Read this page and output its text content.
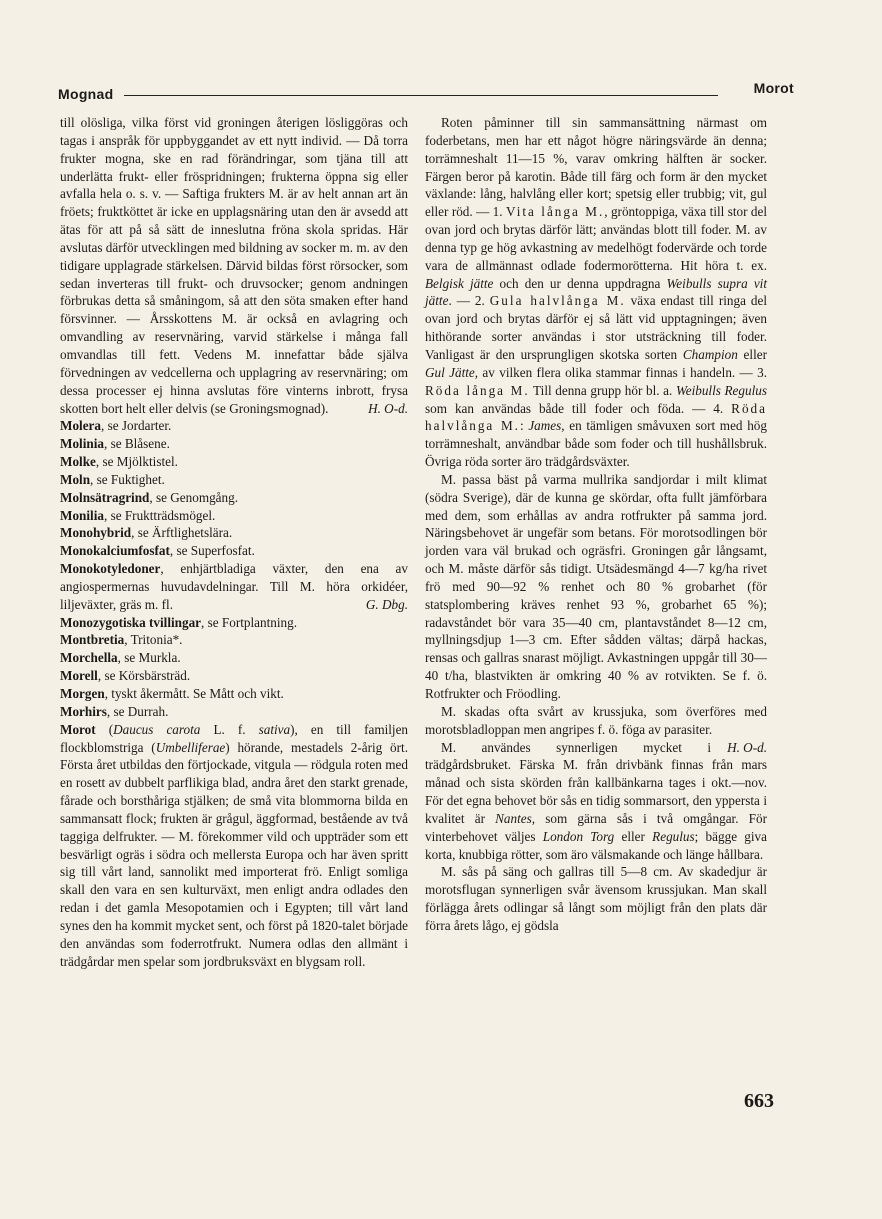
Mognad	Morot

till olösliga, vilka först vid groningen återigen lösliggöras och tagas i anspråk för uppbyggandet av ett nytt individ. — Då torra frukter mogna, ske en rad förändringar, som tjäna till att underlätta frukt- eller fröspridningen; frukterna öppna sig eller avfalla hela o. s. v. — Saftiga frukters M. är av helt annan art än fröets; fruktköttet är icke en upplagsnäring utan den är avsedd att ätas för att på så sätt de inneslutna fröna skola spridas. Här avslutas därför utvecklingen med bildning av socker m. m. av den tidigare upplagrade stärkelsen. Därvid bildas först rörsocker, som sedan inverteras till frukt- och druvsocker; genom andningen förbrukas detta så småningom, så att den söta smaken efter hand försvinner. — Årsskottens M. är också en avlagring och omvandling av reservnäring, varvid stärkelse i många fall omvandlas till fett. Vedens M. innefattar både själva förvedningen av vedcellerna och upplagring av reservnäring; om dessa processer ej hinna avslutas före vinterns inbrott, frysa skotten bort helt eller delvis (se Groningsmognad).	H. O-d.

Molera, se Jordarter.

Molinia, se Blåsene.

Molke, se Mjölktistel.

Moln, se Fuktighet.

Molnsätragrind, se Genomgång.

Monilia, se Fruktträdsmögel.

Monohybrid, se Ärftlighetslära.

Monokalciumfosfat, se Superfosfat.

Monokotyledoner, enhjärtbladiga växter, den ena av angiospermernas huvudavdelningar. Till M. höra orkidéer, liljeväxter, gräs m. fl.	G. Dbg.

Monozygotiska tvillingar, se Fortplantning.

Montbretia, Tritonia*.

Morchella, se Murkla.

Morell, se Körsbärsträd.

Morgen, tyskt åkermått. Se Mått och vikt.

Morhirs, se Durrah.

Morot (Daucus carota L. f. sativa), en till familjen flockblomstriga (Umbelliferae) hörande, mestadels 2-årig ört. Första året utbildas den förtjockade, vitgula — rödgula roten med en rosett av dubbelt parflikiga blad, andra året den starkt grenade, fårade och borsthåriga stjälken; de små vita blommorna bilda en sammansatt flock; frukten är grågul, äggformad, bestående av två taggiga delfrukter. — M. förekommer vild och uppträder som ett besvärligt ogräs i södra och mellersta Europa och har även spritt sig till vårt land, sannolikt med importerat frö. Enligt somliga skall den vara en sen kulturväxt, men enligt andra odlades den redan i det gamla Mesopotamien och i Egypten; till vårt land synes den ha kommit mycket sent, och först på 1820-talet började den användas som foderrotfrukt. Numera odlas den allmänt i trädgårdar men spelar som jordbruksväxt en blygsam roll.

Roten påminner till sin sammansättning närmast om foderbetans, men har ett något högre näringsvärde än denna; torrämneshalt 11—15 %, varav omkring hälften är socker. Färgen beror på karotin. Både till färg och form är den mycket växlande: lång, halvlång eller kort; spetsig eller trubbig; vit, gul eller röd. — 1. Vita långa M., gröntoppiga, växa till stor del ovan jord och brytas därför lätt; användas blott till foder. M. av denna typ ge hög avkastning av medelhögt fodervärde och torde vara de allmännast odlade fodermorötterna. Hit höra t. ex. Belgisk jätte och den ur denna uppdragna Weibulls supra vit jätte. — 2. Gula halvlånga M. växa endast till ringa del ovan jord och brytas därför ej så lätt vid upptagningen; även hithörande sorter användas i stor utsträckning till foder. Vanligast är den ursprungligen skotska sorten Champion eller Gul Jätte, av vilken flera olika stammar finnas i handeln. — 3. Röda långa M. Till denna grupp hör bl. a. Weibulls Regulus som kan användas både till foder och föda. — 4. Röda halvlånga M.: James, en tämligen småvuxen sort med hög torrämneshalt, användbar både som foder och till hushållsbruk. Övriga röda sorter äro trädgårdsväxter.

M. passa bäst på varma mullrika sandjordar i milt klimat (södra Sverige), där de kunna ge skördar, ofta fullt jämförbara med dem, som erhållas av andra rotfrukter på samma jord. Näringsbehovet är ungefär som betans. För morotsodlingen bör jorden vara väl brukad och ogräsfri. Groningen går långsamt, och M. måste därför sås tidigt. Utsädesmängd 4—7 kg/ha rivet frö med 90—92 % renhet och 80 % grobarhet (för statsplombering kräves renhet 93 %, grobarhet 65 %); radavståndet bör vara 35—40 cm, plantavståndet 8—12 cm, myllningsdjup 1—3 cm. Efter sådden vältas; därpå hackas, rensas och gallras snarast möjligt. Avkastningen uppgår till 30—40 t/ha, blastvikten är omkring 40 % av rotvikten. Se f. ö. Rotfrukter och Fröodling.

M. skadas ofta svårt av krussjuka, som överföres med morotsbladloppan men angripes f. ö. föga av parasiter.
H. O-d.

M. användes synnerligen mycket i trädgårdsbruket. Färska M. från drivbänk finnas från mars månad och sista skörden från kallbänkarna tages i okt.—nov. För det egna behovet bör sås en tidig sommarsort, den yppersta i kvalitet är Nantes, som gärna sås i två omgångar. För vinterbehovet väljes London Torg eller Regulus; bägge giva korta, knubbiga rötter, som äro välsmakande och länge hållbara.

M. sås på säng och gallras till 5—8 cm. Av skadedjur är morotsflugan synnerligen svår ävensom krussjukan. Man skall förlägga årets odlingar så långt som möjligt från den plats där förra årets lågo, ej gödsla

663
